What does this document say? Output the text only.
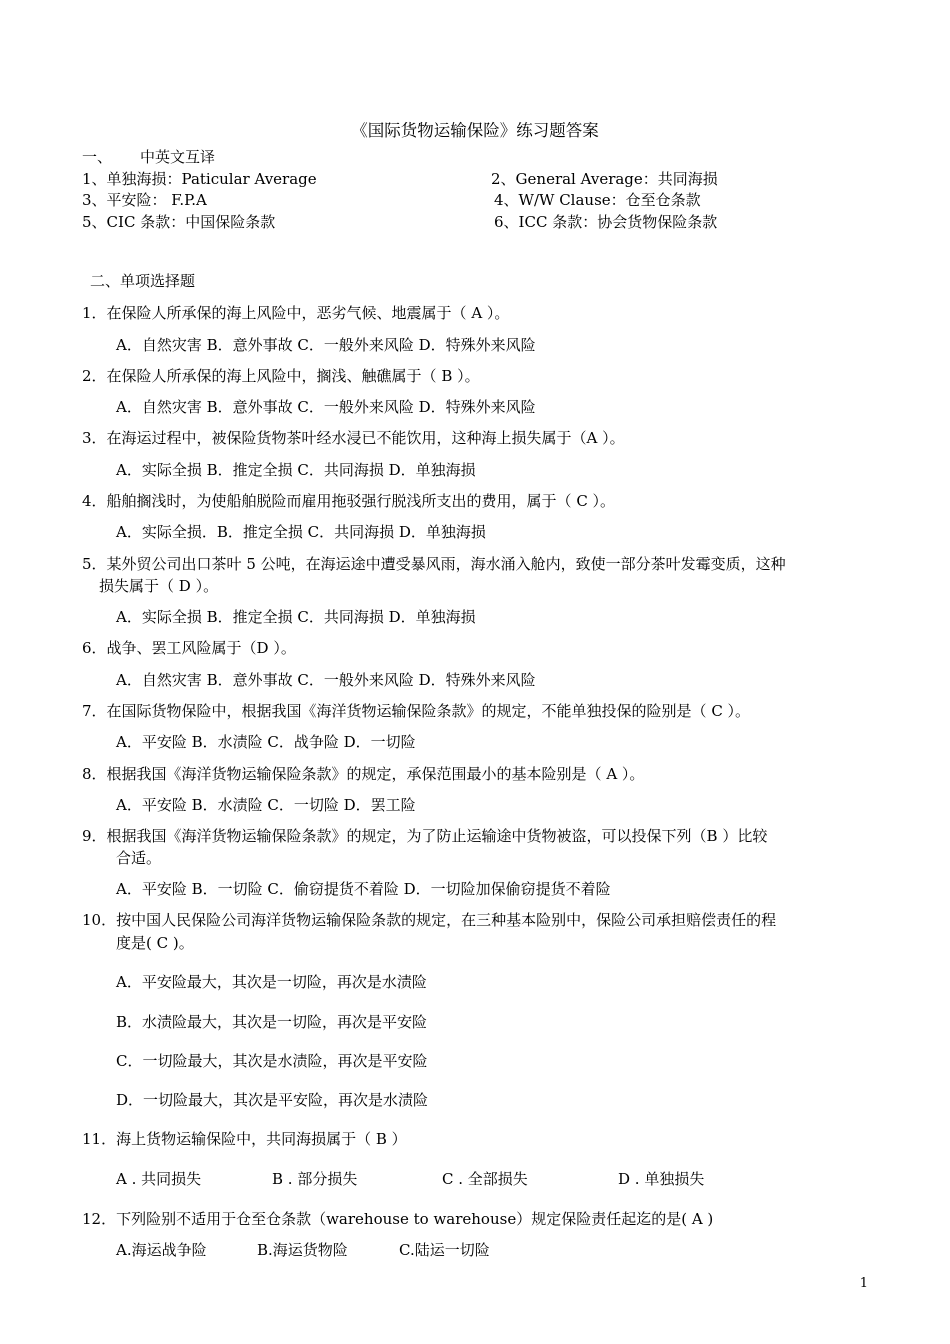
《国际货物运输保险》练习题答案
一、 中英文互译
1、单独海损：Paticular Average	2、General Average：共同海损
3、平安险： F.P.A	4、W/W Clause：仓至仓条款
5、CIC 条款：中国保险条款	6、ICC 条款：协会货物保险条款
二、单项选择题
1．在保险人所承保的海上风险中，恶劣气候、地震属于（ A ）。
A．自然灾害 B．意外事故 C．一般外来风险 D．特殊外来风险
2．在保险人所承保的海上风险中，搁浅、触礁属于（ B ）。
A．自然灾害 B．意外事故 C．一般外来风险 D．特殊外来风险
3．在海运过程中，被保险货物茶叶经水浸已不能饮用，这种海上损失属于（A ）。
A．实际全损 B．推定全损 C．共同海损 D．单独海损
4．船舶搁浅时，为使船舶脱险而雇用拖驳强行脱浅所支出的费用，属于（ C ）。
A．实际全损．B．推定全损 C．共同海损 D．单独海损
5．某外贸公司出口茶叶 5 公吨，在海运途中遭受暴风雨，海水涌入舱内，致使一部分茶叶发霉变质，这种
损失属于（ D ）。
A．实际全损 B．推定全损 C．共同海损 D．单独海损
6．战争、罢工风险属于（D ）。
A．自然灾害 B．意外事故 C．一般外来风险 D．特殊外来风险
7．在国际货物保险中，根据我国《海洋货物运输保险条款》的规定，不能单独投保的险别是（ C ）。
A．平安险 B．水渍险 C．战争险 D．一切险
8．根据我国《海洋货物运输保险条款》的规定，承保范围最小的基本险别是（ A ）。
A．平安险 B．水渍险 C．一切险 D．罢工险
9．根据我国《海洋货物运输保险条款》的规定，为了防止运输途中货物被盗，可以投保下列（B ）比较
合适。
A．平安险 B．一切险 C．偷窃提货不着险 D．一切险加保偷窃提货不着险
10．按中国人民保险公司海洋货物运输保险条款的规定，在三种基本险别中，保险公司承担赔偿责任的程
度是( C )。
A．平安险最大，其次是一切险，再次是水渍险
B．水渍险最大，其次是一切险，再次是平安险
C．一切险最大，其次是水渍险，再次是平安险
D．一切险最大，其次是平安险，再次是水渍险
11．海上货物运输保险中，共同海损属于（ B ）
A . 共同损失	B . 部分损失	C . 全部损失	D . 单独损失
12．下列险别不适用于仓至仓条款（warehouse to warehouse）规定保险责任起迄的是( A )
A.海运战争险	B.海运货物险	C.陆运一切险
1
